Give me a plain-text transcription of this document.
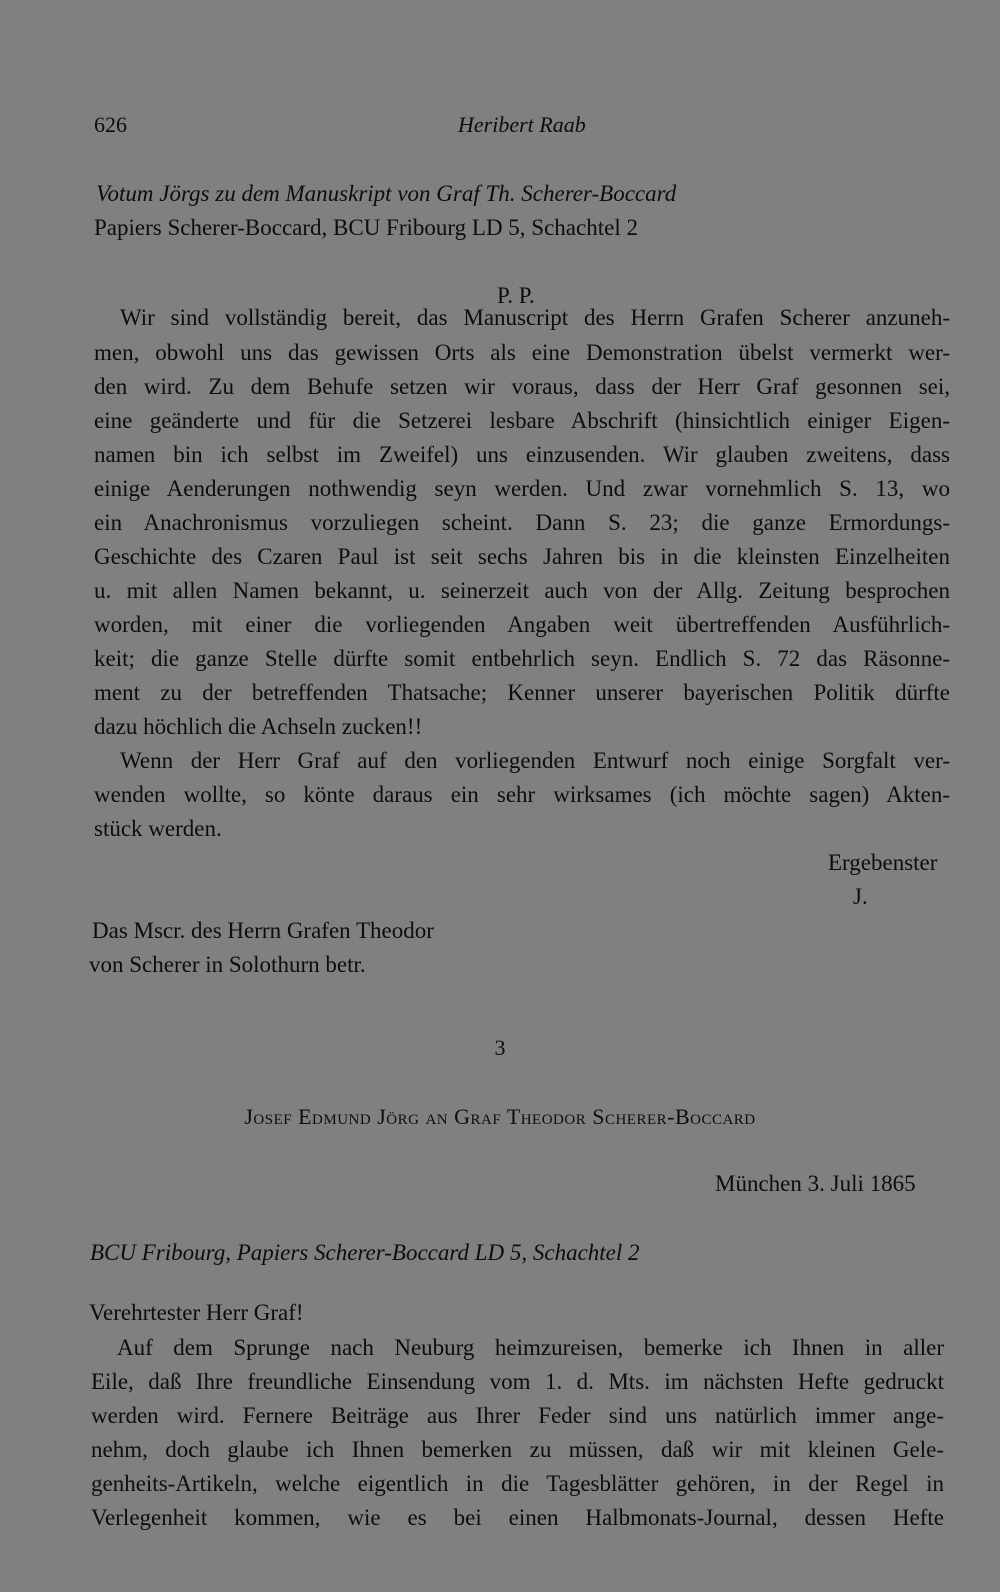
626	Heribert Raab
Votum Jörgs zu dem Manuskript von Graf Th. Scherer-Boccard
Papiers Scherer-Boccard, BCU Fribourg LD 5, Schachtel 2
P. P.
Wir sind vollständig bereit, das Manuscript des Herrn Grafen Scherer anzuneh-
men, obwohl uns das gewissen Orts als eine Demonstration übelst vermerkt wer-
den wird. Zu dem Behufe setzen wir voraus, dass der Herr Graf gesonnen sei,
eine geänderte und für die Setzerei lesbare Abschrift (hinsichtlich einiger Eigen-
namen bin ich selbst im Zweifel) uns einzusenden. Wir glauben zweitens, dass
einige Aenderungen nothwendig seyn werden. Und zwar vornehmlich S. 13, wo
ein Anachronismus vorzuliegen scheint. Dann S. 23; die ganze Ermordungs-
Geschichte des Czaren Paul ist seit sechs Jahren bis in die kleinsten Einzelheiten
u. mit allen Namen bekannt, u. seinerzeit auch von der Allg. Zeitung besprochen
worden, mit einer die vorliegenden Angaben weit übertreffenden Ausführlich-
keit; die ganze Stelle dürfte somit entbehrlich seyn. Endlich S. 72 das Räsonne-
ment zu der betreffenden Thatsache; Kenner unserer bayerischen Politik dürfte
dazu höchlich die Achseln zucken!!
Wenn der Herr Graf auf den vorliegenden Entwurf noch einige Sorgfalt ver-
wenden wollte, so könte daraus ein sehr wirksames (ich möchte sagen) Akten-
stück werden.
Ergebenster
J.
Das Mscr. des Herrn Grafen Theodor
von Scherer in Solothurn betr.
3
Josef Edmund Jörg an Graf Theodor Scherer-Boccard
München 3. Juli 1865
BCU Fribourg, Papiers Scherer-Boccard LD 5, Schachtel 2
Verehrtester Herr Graf!
Auf dem Sprunge nach Neuburg heimzureisen, bemerke ich Ihnen in aller
Eile, daß Ihre freundliche Einsendung vom 1. d. Mts. im nächsten Hefte gedruckt
werden wird. Fernere Beiträge aus Ihrer Feder sind uns natürlich immer ange-
nehm, doch glaube ich Ihnen bemerken zu müssen, daß wir mit kleinen Gele-
genheits-Artikeln, welche eigentlich in die Tagesblätter gehören, in der Regel in
Verlegenheit kommen, wie es bei einen Halbmonats-Journal, dessen Hefte
